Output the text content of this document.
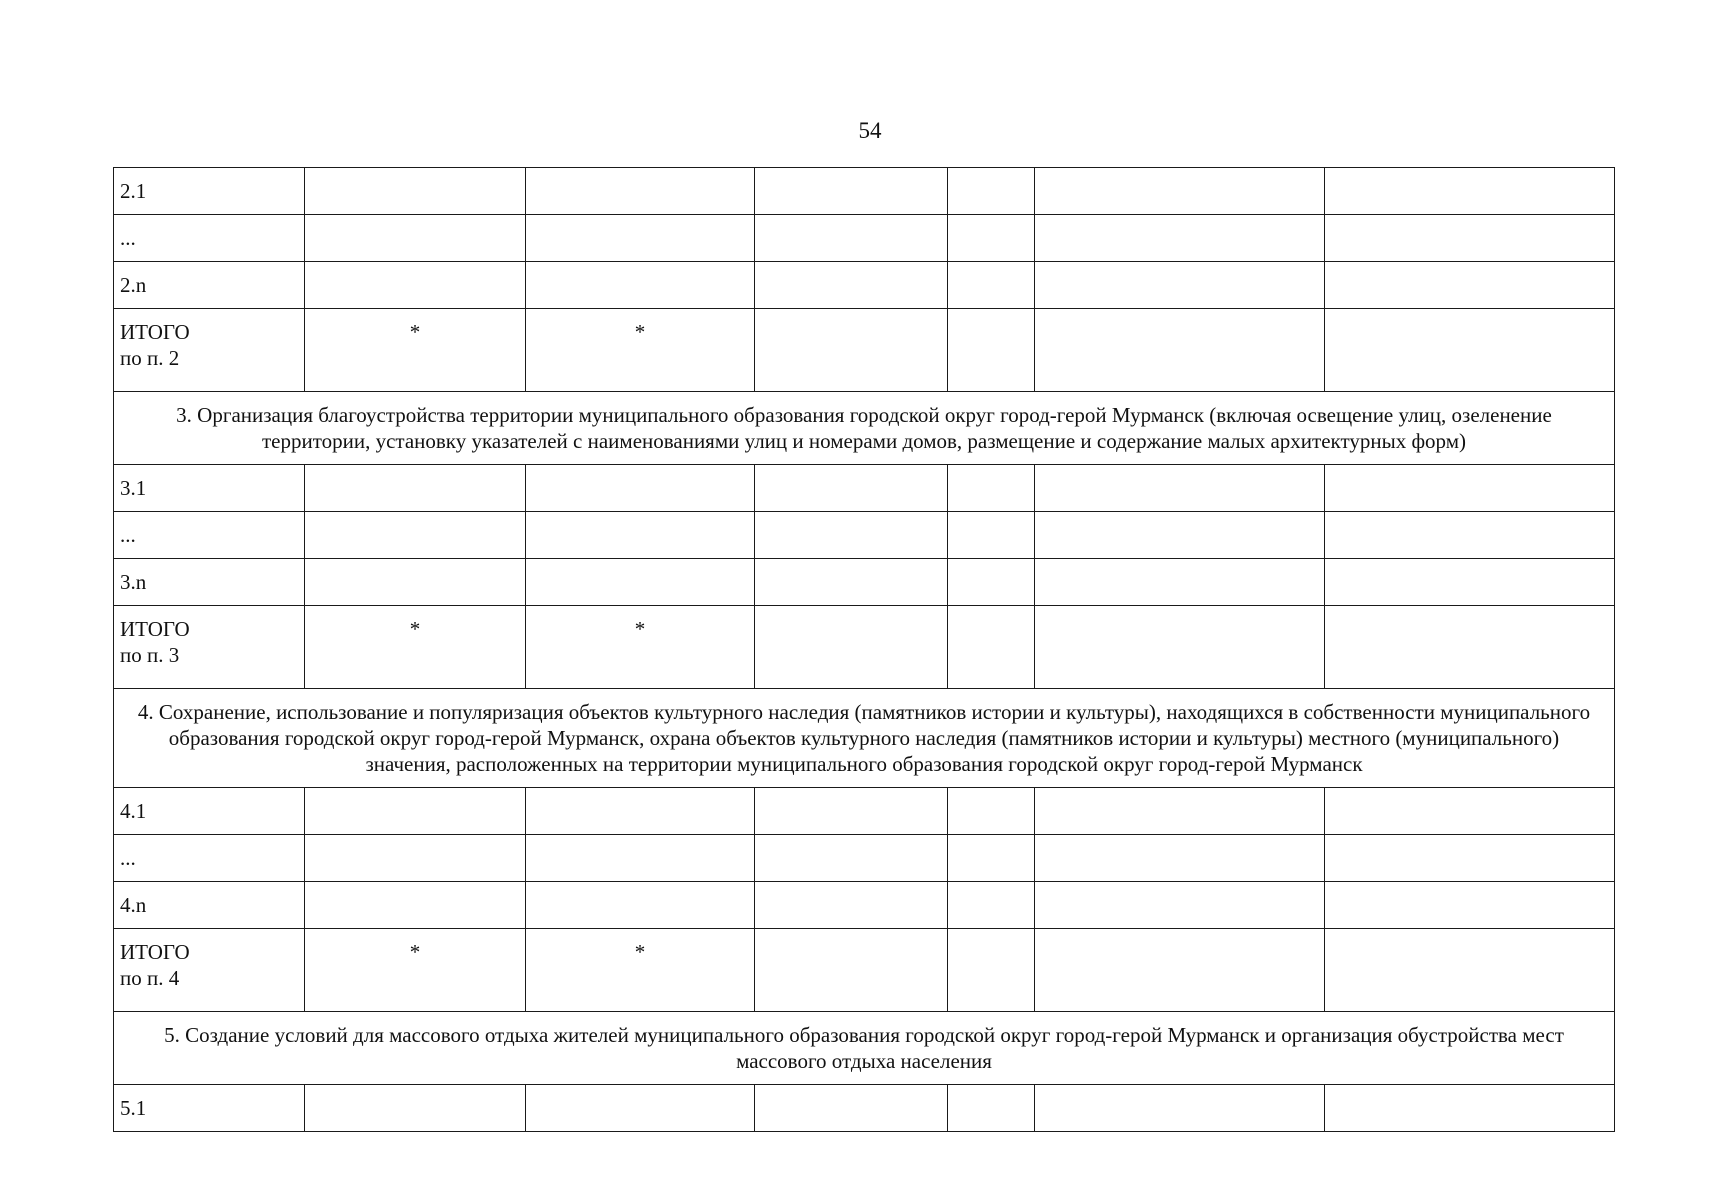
54
2.1						
...						
2.n						

ИТОГО
по п. 2	*	*				
3. Организация благоустройства территории муниципального образования городской округ город-герой Мурманск (включая освещение улиц, озеленение территории, установку указателей с наименованиями улиц и номерами домов, размещение и содержание малых архитектурных форм)						
3.1						
...						
3.n						

ИТОГО
по п. 3	*	*				
4. Сохранение, использование и популяризация объектов культурного наследия (памятников истории и культуры), находящихся в собственности муниципального образования городской округ город-герой Мурманск, охрана объектов культурного наследия (памятников истории и культуры) местного (муниципального) значения, расположенных на территории муниципального образования городской округ город-герой Мурманск						
4.1						
...						
4.n						

ИТОГО
по п. 4	*	*				
5. Создание условий для массового отдыха жителей муниципального образования городской округ город-герой Мурманск и организация обустройства мест массового отдыха населения						
5.1						
